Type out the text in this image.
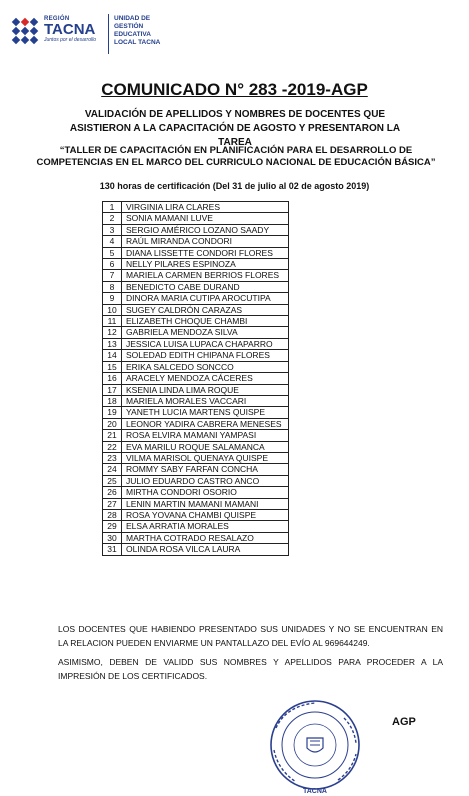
REGIÓN
TACNA
Juntos por el desarrollo
UNIDAD DE
GESTIÓN
EDUCATIVA
LOCAL TACNA
COMUNICADO N° 283 -2019-AGP
VALIDACIÓN DE APELLIDOS Y NOMBRES DE DOCENTES QUE ASISTIERON A LA CAPACITACIÓN DE AGOSTO Y PRESENTARON LA TAREA
“TALLER DE CAPACITACIÓN EN PLANIFICACIÓN PARA EL DESARROLLO DE COMPETENCIAS EN EL MARCO DEL CURRICULO NACIONAL DE EDUCACIÓN BÁSICA”
130 horas de certificación (Del 31 de julio al 02 de agosto 2019)
1	VIRGINIA LIRA CLARES
2	SONIA MAMANI LUVE
3	SERGIO AMÉRICO LOZANO SAADY
4	RAÚL MIRANDA CONDORI
5	DIANA LISSETTE CONDORI FLORES
6	NELLY PILARES ESPINOZA
7	MARIELA CARMEN BERRIOS FLORES
8	BENEDICTO CABE DURAND
9	DINORA MARIA CUTIPA AROCUTIPA
10	SUGEY CALDRÓN CARAZAS
11	ELIZABETH CHOQUE CHAMBI
12	GABRIELA MENDOZA SILVA
13	JESSICA LUISA LUPACA CHAPARRO
14	SOLEDAD EDITH CHIPANA FLORES
15	ERIKA SALCEDO SONCCO
16	ARACELY MENDOZA CÁCERES
17	KSENIA LINDA LIMA ROQUE
18	MARIELA MORALES VACCARI
19	YANETH LUCIA MARTENS QUISPE
20	LEONOR YADIRA CABRERA MENESES
21	ROSA ELVIRA MAMANI YAMPASI
22	EVA MARILU ROQUE SALAMANCA
23	VILMA MARISOL QUENAYA QUISPE
24	ROMMY SABY FARFAN CONCHA
25	JULIO EDUARDO CASTRO ANCO
26	MIRTHA CONDORI OSORIO
27	LENIN MARTIN MAMANI MAMANI
28	ROSA YOVANA CHAMBI QUISPE
29	ELSA ARRATIA MORALES
30	MARTHA COTRADO RESALAZO
31	OLINDA ROSA VILCA LAURA
LOS DOCENTES QUE HABIENDO PRESENTADO SUS UNIDADES Y NO SE ENCUENTRAN EN LA RELACION PUEDEN ENVIARME UN PANTALLAZO DEL EVÍO AL 969644249.
ASIMISMO, DEBEN DE VALIDD SUS NOMBRES Y APELLIDOS PARA PROCEDER A LA IMPRESIÓN DE LOS CERTIFICADOS.
TACNA
AGP
